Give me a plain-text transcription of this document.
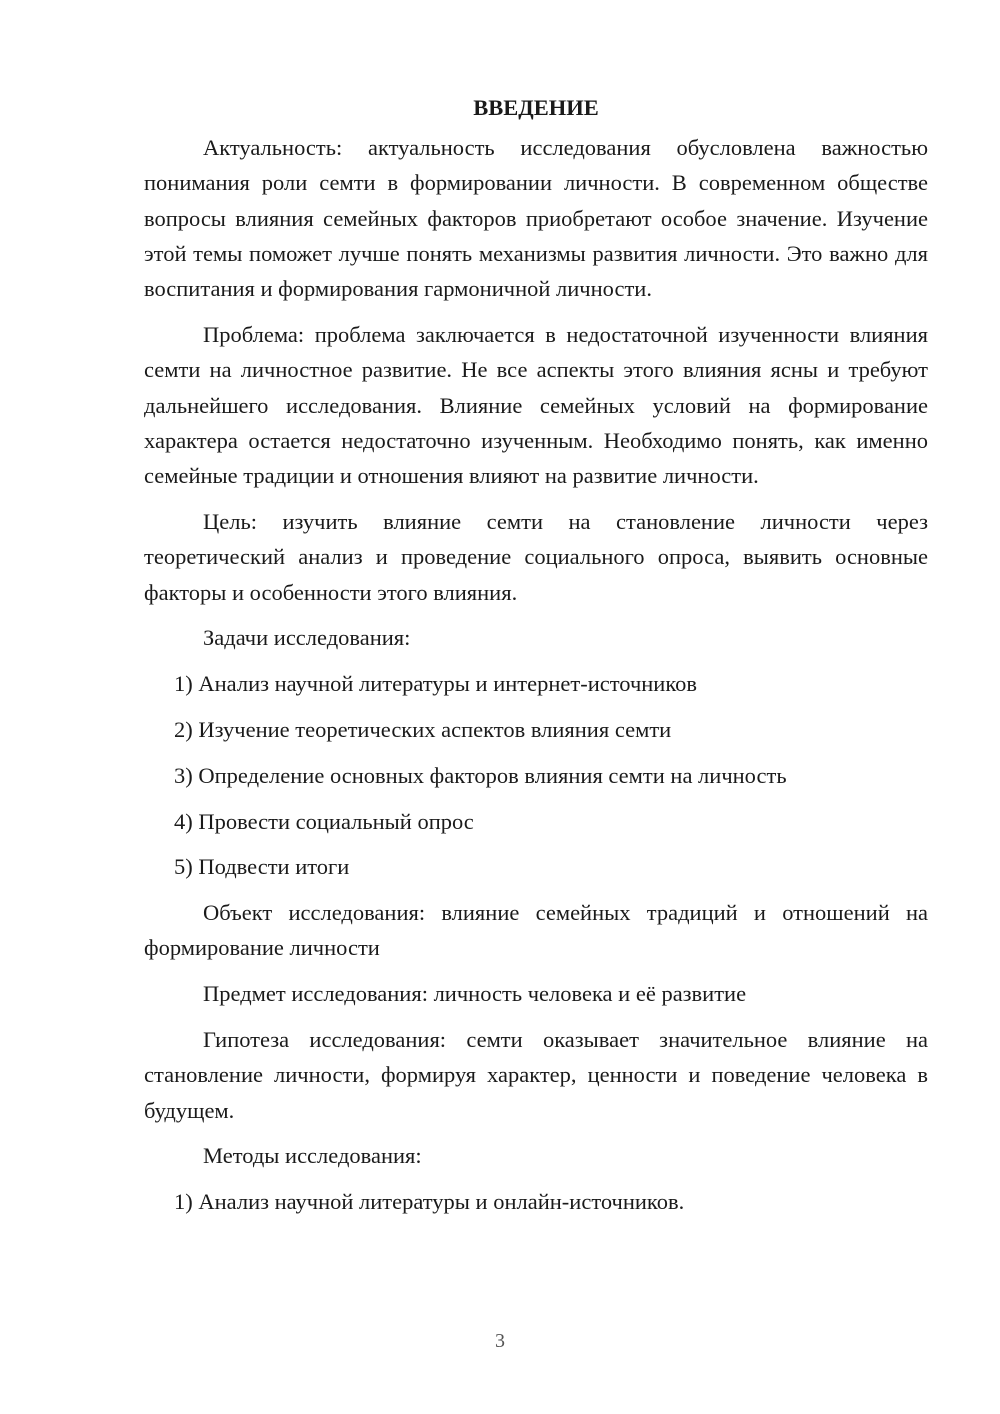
ВВЕДЕНИЕ
Актуальность: актуальность исследования обусловлена важностью понимания роли семти в формировании личности. В современном обществе вопросы влияния семейных факторов приобретают особое значение. Изучение этой темы поможет лучше понять механизмы развития личности. Это важно для воспитания и формирования гармоничной личности.
Проблема: проблема заключается в недостаточной изученности влияния семти на личностное развитие. Не все аспекты этого влияния ясны и требуют дальнейшего исследования. Влияние семейных условий на формирование характера остается недостаточно изученным. Необходимо понять, как именно семейные традиции и отношения влияют на развитие личности.
Цель: изучить влияние семти на становление личности через теоретический анализ и проведение социального опроса, выявить основные факторы и особенности этого влияния.
Задачи исследования:
1) Анализ научной литературы и интернет-источников
2) Изучение теоретических аспектов влияния семти
3) Определение основных факторов влияния семти на личность
4) Провести социальный опрос
5) Подвести итоги
Объект исследования: влияние семейных традиций и отношений на формирование личности
Предмет исследования: личность человека и её развитие
Гипотеза исследования: семти оказывает значительное влияние на становление личности, формируя характер, ценности и поведение человека в будущем.
Методы исследования:
1) Анализ научной литературы и онлайн-источников.
3
